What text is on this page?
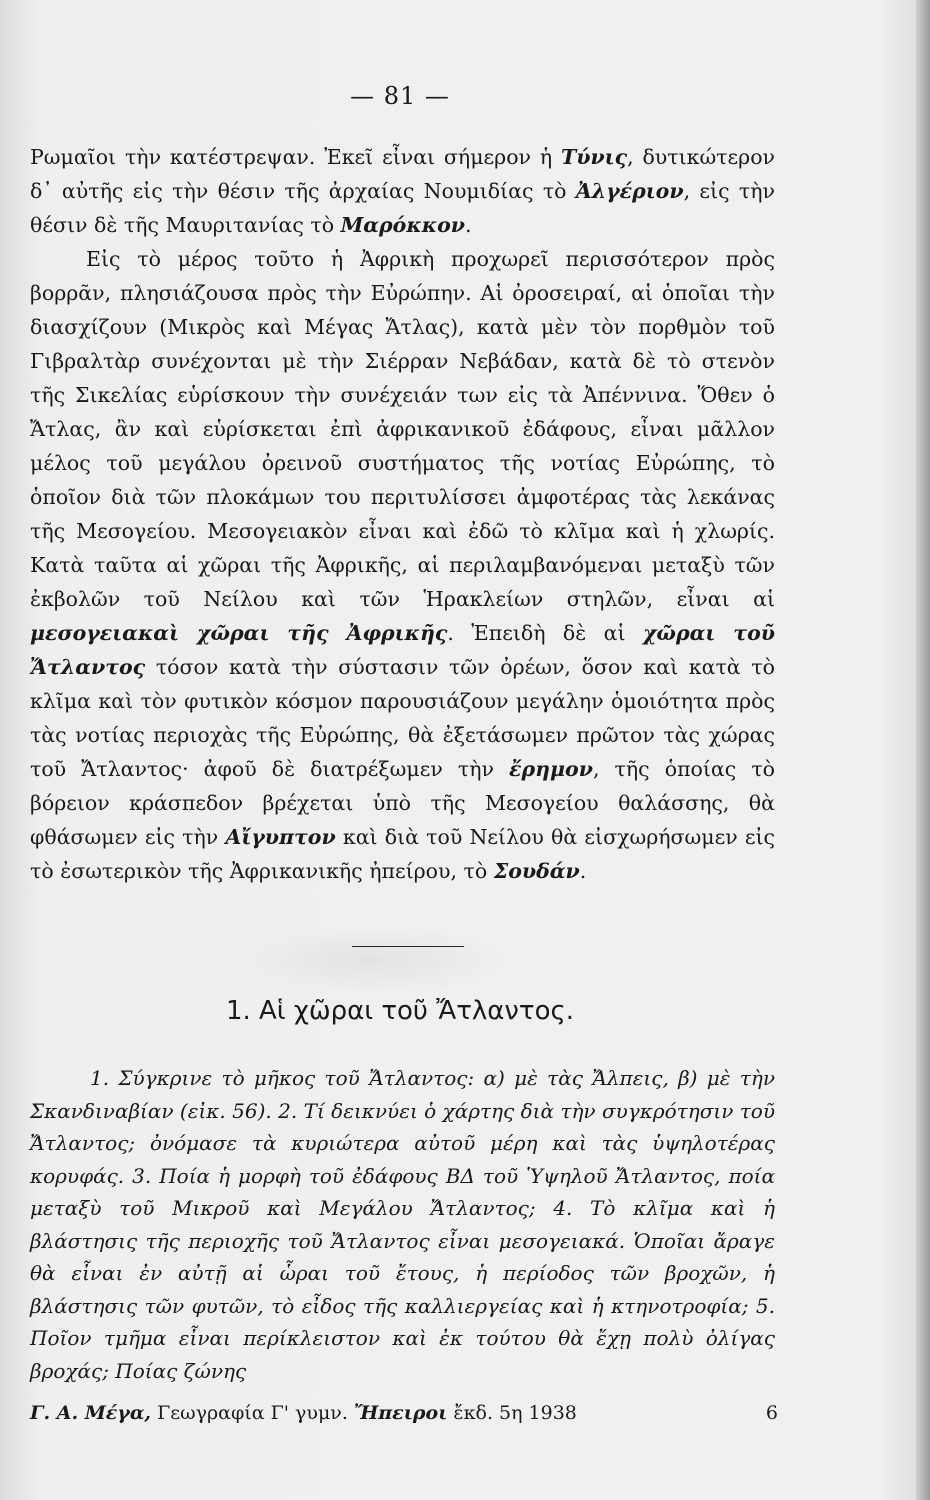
— 81 —
Ρωμαῖοι τὴν κατέστρεψαν. Ἐκεῖ εἶναι σήμερον ἡ Τύνις, δυτικώτερον δ᾿ αὐτῆς εἰς τὴν θέσιν τῆς ἀρχαίας Νουμιδίας τὸ Ἀλγέριον, εἰς τὴν θέσιν δὲ τῆς Μαυριτανίας τὸ Μαρόκκον.
Εἰς τὸ μέρος τοῦτο ἡ Ἀφρικὴ προχωρεῖ περισσότερον πρὸς βορρᾶν, πλησιάζουσα πρὸς τὴν Εὐρώπην. Αἱ ὀροσειραί, αἱ ὁποῖαι τὴν διασχίζουν (Μικρὸς καὶ Μέγας Ἄτλας), κατὰ μὲν τὸν πορθμὸν τοῦ Γιβραλτὰρ συνέχονται μὲ τὴν Σιέρραν Νεβάδαν, κατὰ δὲ τὸ στενὸν τῆς Σικελίας εὑρίσκουν τὴν συνέχειάν των εἰς τὰ Ἀπέννινα. Ὅθεν ὁ Ἄτλας, ἂν καὶ εὑρίσκεται ἐπὶ ἀφρικανικοῦ ἐδάφους, εἶναι μᾶλλον μέλος τοῦ μεγάλου ὀρεινοῦ συστήματος τῆς νοτίας Εὐρώπης, τὸ ὁποῖον διὰ τῶν πλοκάμων του περιτυλίσσει ἀμφοτέρας τὰς λεκάνας τῆς Μεσογείου. Μεσογειακὸν εἶναι καὶ ἐδῶ τὸ κλῖμα καὶ ἡ χλωρίς. Κατὰ ταῦτα αἱ χῶραι τῆς Ἀφρικῆς, αἱ περιλαμβανόμεναι μεταξὺ τῶν ἐκβολῶν τοῦ Νείλου καὶ τῶν Ἡρακλείων στηλῶν, εἶναι αἱ μεσογειακαὶ χῶραι τῆς Ἀφρικῆς. Ἐπειδὴ δὲ αἱ χῶραι τοῦ Ἄτλαντος τόσον κατὰ τὴν σύστασιν τῶν ὀρέων, ὅσον καὶ κατὰ τὸ κλῖμα καὶ τὸν φυτικὸν κόσμον παρουσιάζουν μεγάλην ὁμοιότητα πρὸς τὰς νοτίας περιοχὰς τῆς Εὐρώπης, θὰ ἐξετάσωμεν πρῶτον τὰς χώρας τοῦ Ἄτλαντος· ἀφοῦ δὲ διατρέξωμεν τὴν ἔρημον, τῆς ὁποίας τὸ βόρειον κράσπεδον βρέχεται ὑπὸ τῆς Μεσογείου θαλάσσης, θὰ φθάσωμεν εἰς τὴν Αἴγυπτον καὶ διὰ τοῦ Νείλου θὰ εἰσχωρήσωμεν εἰς τὸ ἐσωτερικὸν τῆς Ἀφρικανικῆς ἠπείρου, τὸ Σουδάν.
1. Αἱ χῶραι τοῦ Ἄτλαντος.

1. Σύγκρινε τὸ μῆκος τοῦ Ἄτλαντος: α) μὲ τὰς Ἄλπεις, β) μὲ τὴν Σκανδιναβίαν (εἰκ. 56). 2. Τί δεικνύει ὁ χάρτης διὰ τὴν συγκρότησιν τοῦ Ἄτλαντος; ὀνόμασε τὰ κυριώτερα αὐτοῦ μέρη καὶ τὰς ὑψηλοτέρας κορυφάς. 3. Ποία ἡ μορφὴ τοῦ ἐδάφους ΒΔ τοῦ Ὑψηλοῦ Ἄτλαντος, ποία μεταξὺ τοῦ Μικροῦ καὶ Μεγάλου Ἄτλαντος; 4. Τὸ κλῖμα καὶ ἡ βλάστησις τῆς περιοχῆς τοῦ Ἄτλαντος εἶναι μεσογειακά. Ὁποῖαι ἄραγε θὰ εἶναι ἐν αὐτῇ αἱ ὧραι τοῦ ἔτους, ἡ περίοδος τῶν βροχῶν, ἡ βλάστησις τῶν φυτῶν, τὸ εἶδος τῆς καλλιεργείας καὶ ἡ κτηνοτροφία; 5. Ποῖον τμῆμα εἶναι περίκλειστον καὶ ἐκ τούτου θὰ ἔχῃ πολὺ ὀλίγας βροχάς; Ποίας ζώνης

Γ. Α. Μέγα, Γεωγραφία Γ' γυμν. Ἤπειροι ἔκδ. 5η 1938	6
